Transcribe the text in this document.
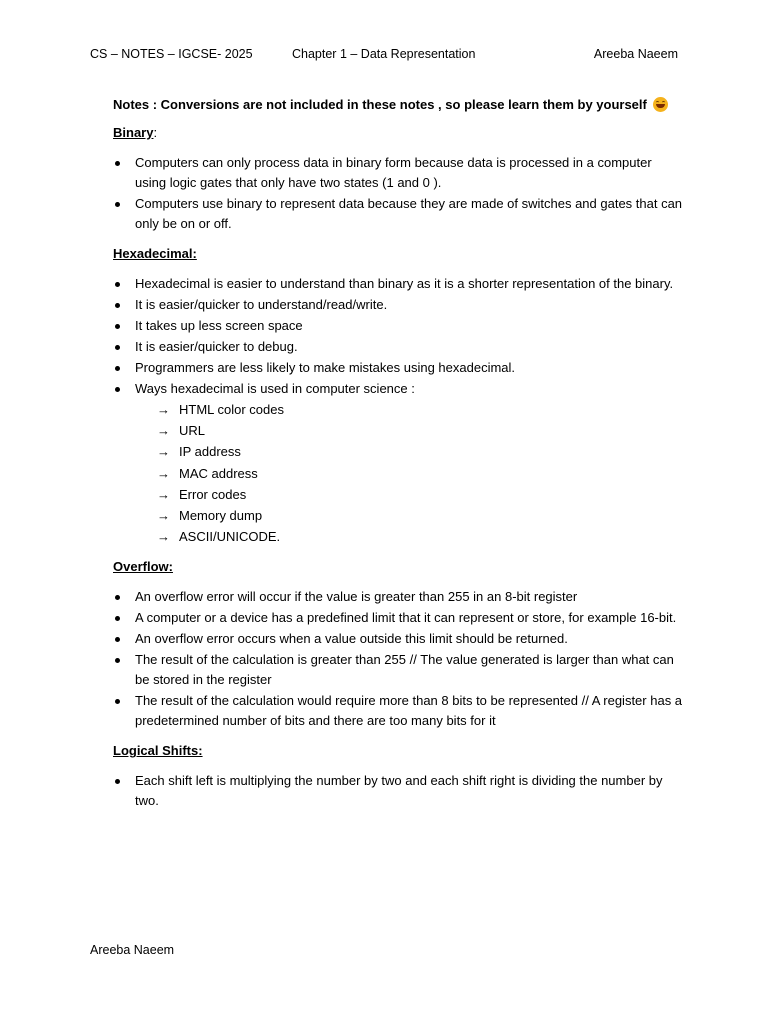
CS – NOTES – IGCSE- 2025	Chapter 1 – Data Representation	Areeba Naeem

Notes : Conversions are not included in these notes , so please learn them by yourself

Binary:

Computers can only process data in binary form because data is processed in a computer using logic gates that only have two states (1 and 0 ).
Computers use binary to represent data because they are made of switches and gates that can only be on or off.

Hexadecimal:

Hexadecimal is easier to understand than binary as it is a shorter representation of the binary.
It is easier/quicker to understand/read/write.
It takes up less screen space
It is easier/quicker to debug.
Programmers are less likely to make mistakes using hexadecimal.
Ways hexadecimal is used in computer science :
→ HTML color codes
→ URL
→ IP address
→ MAC address
→ Error codes
→ Memory dump
→ ASCII/UNICODE.

Overflow:

An overflow error will occur if the value is greater than 255 in an 8-bit register
A computer or a device has a predefined limit that it can represent or store, for example 16-bit.
An overflow error occurs when a value outside this limit should be returned.
The result of the calculation is greater than 255 // The value generated is larger than what can be stored in the register
The result of the calculation would require more than 8 bits to be represented // A register has a predetermined number of bits and there are too many bits for it

Logical Shifts:

Each shift left is multiplying the number by two and each shift right is dividing the number by two.
Areeba Naeem
